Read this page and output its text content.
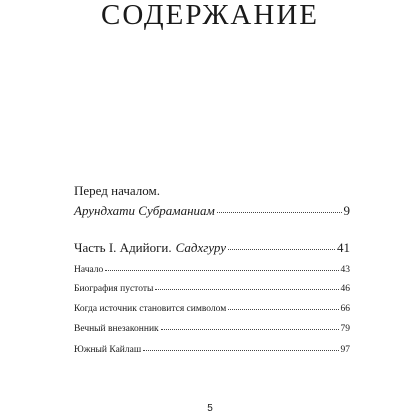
СОДЕРЖАНИЕ
Перед началом.
Арундхати Субраманиам	9
Часть I. Адийоги. Садхгуру	41
Начало	43
Биография пустоты	46
Когда источник становится символом	66
Вечный внезаконник	79
Южный Кайлаш	97
5
